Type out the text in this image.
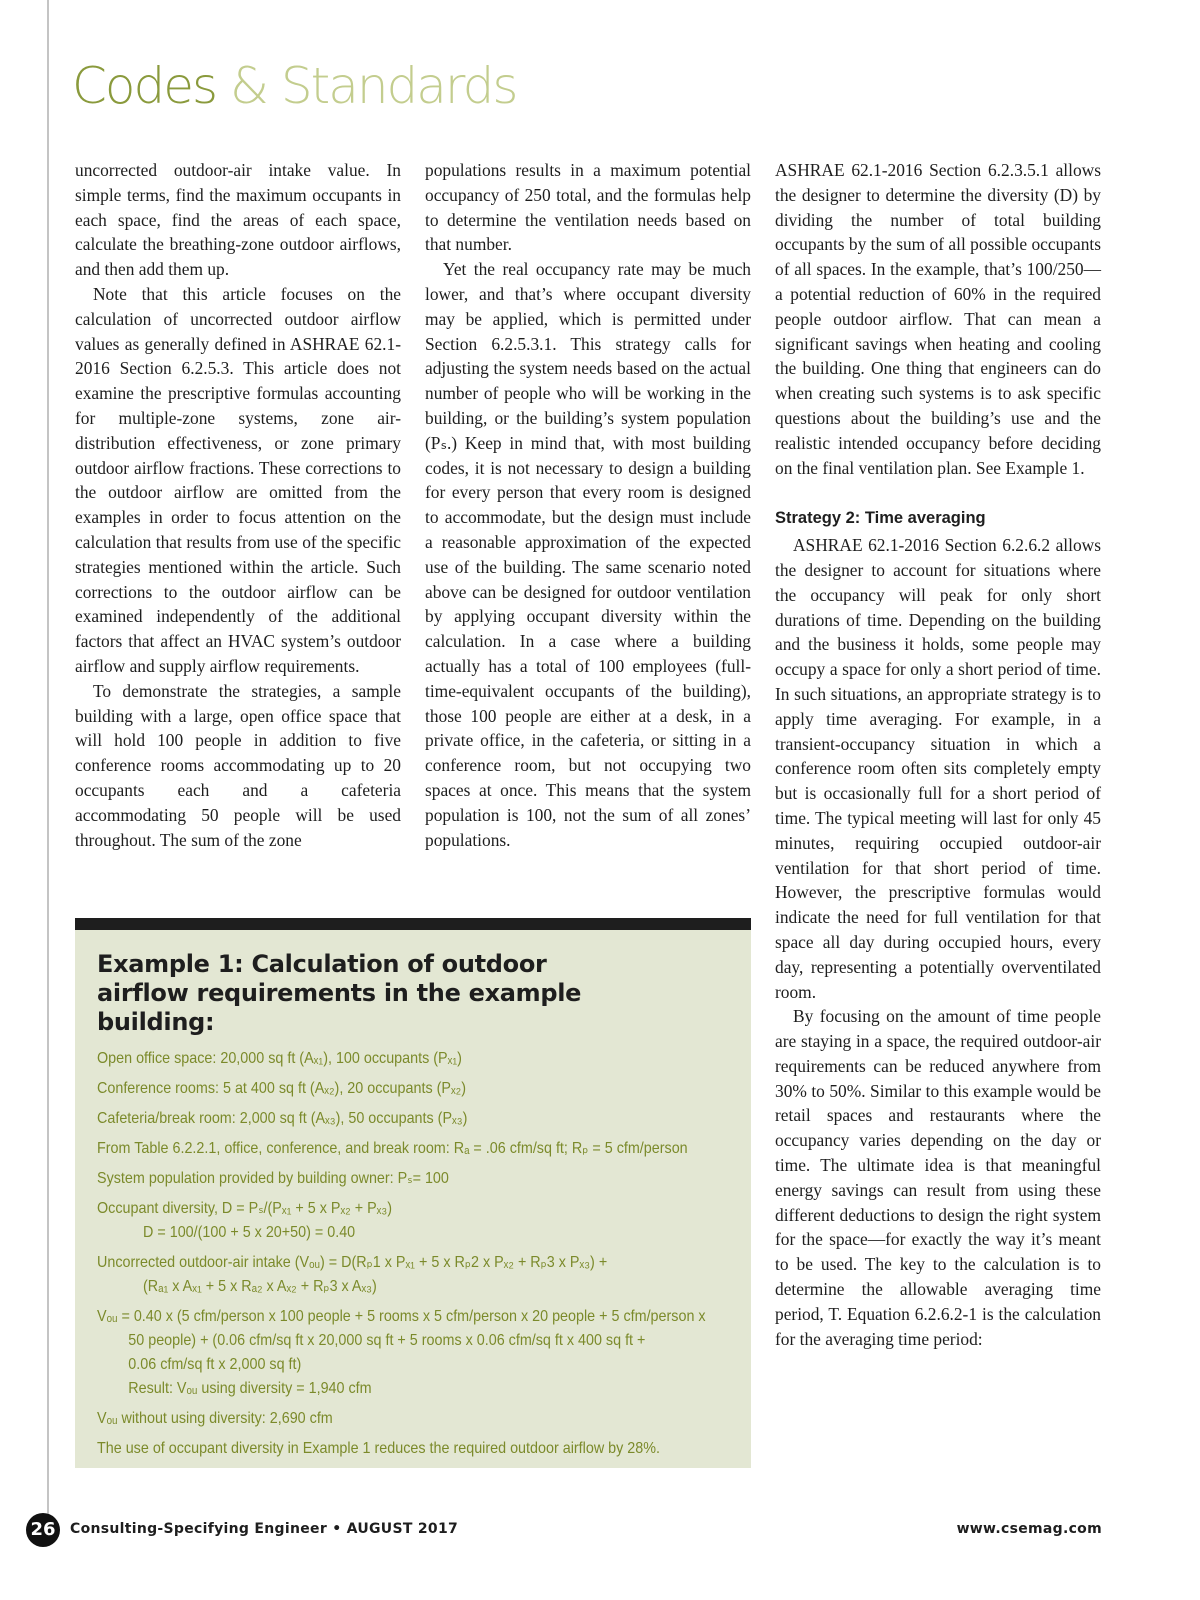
Codes & Standards

uncorrected outdoor-air intake value. In simple terms, find the maximum occupants in each space, find the areas of each space, calculate the breathing-zone outdoor airflows, and then add them up.

Note that this article focuses on the calculation of uncorrected outdoor airflow values as generally defined in ASHRAE 62.1-2016 Section 6.2.5.3. This article does not examine the prescriptive formulas accounting for multiple-zone systems, zone air-distribution effectiveness, or zone primary outdoor airflow fractions. These corrections to the outdoor airflow are omitted from the examples in order to focus attention on the calculation that results from use of the specific strategies mentioned within the article. Such corrections to the outdoor airflow can be examined independently of the additional factors that affect an HVAC system’s outdoor airflow and supply airflow requirements.

To demonstrate the strategies, a sample building with a large, open office space that will hold 100 people in addition to five conference rooms accommodating up to 20 occupants each and a cafeteria accommodating 50 people will be used throughout. The sum of the zone

populations results in a maximum potential occupancy of 250 total, and the formulas help to determine the ventilation needs based on that number.

Yet the real occupancy rate may be much lower, and that’s where occupant diversity may be applied, which is permitted under Section 6.2.5.3.1. This strategy calls for adjusting the system needs based on the actual number of people who will be working in the building, or the building’s system population (Pₛ.) Keep in mind that, with most building codes, it is not necessary to design a building for every person that every room is designed to accommodate, but the design must include a reasonable approximation of the expected use of the building. The same scenario noted above can be designed for outdoor ventilation by applying occupant diversity within the calculation. In a case where a building actually has a total of 100 employees (full-time-equivalent occupants of the building), those 100 people are either at a desk, in a private office, in the cafeteria, or sitting in a conference room, but not occupying two spaces at once. This means that the system population is 100, not the sum of all zones’ populations.

ASHRAE 62.1-2016 Section 6.2.3.5.1 allows the designer to determine the diversity (D) by dividing the number of total building occupants by the sum of all possible occupants of all spaces. In the example, that’s 100/250—a potential reduction of 60% in the required people outdoor airflow. That can mean a significant savings when heating and cooling the building. One thing that engineers can do when creating such systems is to ask specific questions about the building’s use and the realistic intended occupancy before deciding on the final ventilation plan. See Example 1.

Strategy 2: Time averaging

ASHRAE 62.1-2016 Section 6.2.6.2 allows the designer to account for situations where the occupancy will peak for only short durations of time. Depending on the building and the business it holds, some people may occupy a space for only a short period of time. In such situations, an appropriate strategy is to apply time averaging. For example, in a transient-occupancy situation in which a conference room often sits completely empty but is occasionally full for a short period of time. The typical meeting will last for only 45 minutes, requiring occupied outdoor-air ventilation for that short period of time. However, the prescriptive formulas would indicate the need for full ventilation for that space all day during occupied hours, every day, representing a potentially overventilated room.

By focusing on the amount of time people are staying in a space, the required outdoor-air requirements can be reduced anywhere from 30% to 50%. Similar to this example would be retail spaces and restaurants where the occupancy varies depending on the day or time. The ultimate idea is that meaningful energy savings can result from using these different deductions to design the right system for the space—for exactly the way it’s meant to be used. The key to the calculation is to determine the allowable averaging time period, T. Equation 6.2.6.2-1 is the calculation for the averaging time period:

Example 1: Calculation of outdoor airflow requirements in the example building:
Open office space: 20,000 sq ft (Aₓ₁), 100 occupants (Pₓ₁)
Conference rooms: 5 at 400 sq ft (Aₓ₂), 20 occupants (Pₓ₂)
Cafeteria/break room: 2,000 sq ft (Aₓ₃), 50 occupants (Pₓ₃)
From Table 6.2.2.1, office, conference, and break room: Rₐ = .06 cfm/sq ft; Rₚ = 5 cfm/person
System population provided by building owner: Pₛ= 100
Occupant diversity, D = Pₛ/(Pₓ₁ + 5 x Pₓ₂ + Pₓ₃)
D = 100/(100 + 5 x 20+50) = 0.40
Uncorrected outdoor-air intake (Vₒᵤ) = D(Rₚ1 x Pₓ₁ + 5 x Rₚ2 x Pₓ₂ + Rₚ3 x Pₓ₃) +
(Rₐ₁ x Aₓ₁ + 5 x Rₐ₂ x Aₓ₂ + Rₚ3 x Aₓ₃)
Vₒᵤ = 0.40 x (5 cfm/person x 100 people + 5 rooms x 5 cfm/person x 20 people + 5 cfm/person x
50 people) + (0.06 cfm/sq ft x 20,000 sq ft + 5 rooms x 0.06 cfm/sq ft x 400 sq ft +
0.06 cfm/sq ft x 2,000 sq ft)
Result: Vₒᵤ using diversity = 1,940 cfm
Vₒᵤ without using diversity: 2,690 cfm
The use of occupant diversity in Example 1 reduces the required outdoor airflow by 28%.
26	Consulting-Specifying Engineer • AUGUST 2017	www.csemag.com
